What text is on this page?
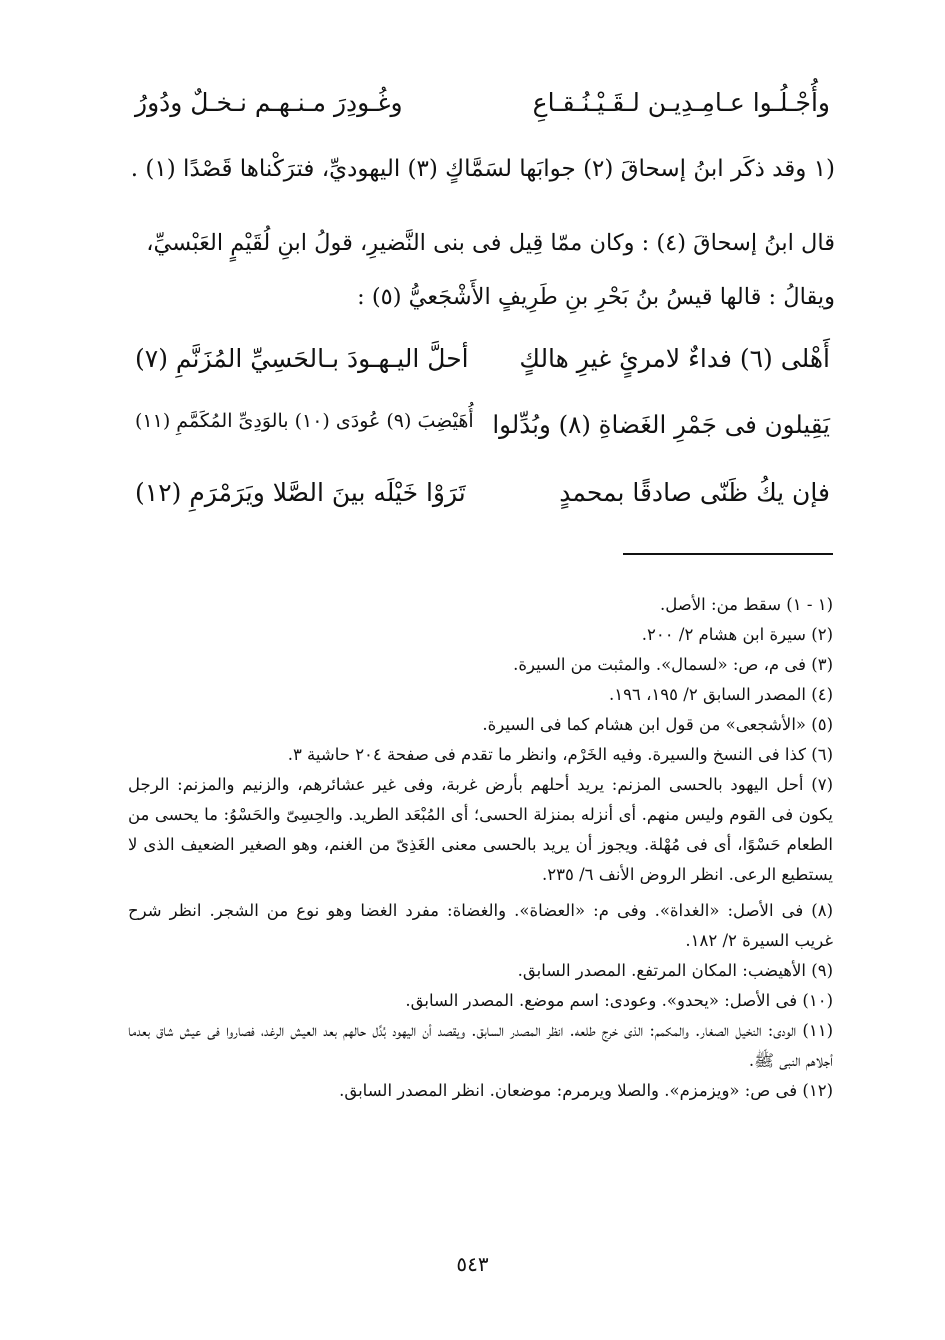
وأُجْـلُـوا عـامِـدِيـن لـقَـيْـنُـقـاعِ
وغُـودِرَ مـنـهـم نـخـلٌ ودُورُ
(١ وقد ذكَر ابنُ إسحاقَ (٢) جوابَها لسَمَّاكٍ (٣) اليهوديِّ، فترَكْناها قَصْدًا (١) .
قال ابنُ إسحاقَ (٤) : وكان ممّا قِيل فى بنى النَّضيرِ، قولُ ابنِ لُقَيْمٍ العَبْسيِّ،
ويقالُ : قالها قيسُ بنُ بَحْرِ بنِ طَرِيفٍ الأَشْجَعيُّ (٥) :
أَهْلى (٦) فداءٌ لامرئٍ غيرِ هالكٍ
أحلَّ اليـهـودَ بـالحَسِيِّ المُزَنَّمِ (٧)
يَقِيلون فى جَمْرِ الغَضاةِ (٨) وبُدِّلوا
أُهَيْضِبَ (٩) عُودَى (١٠) بالوَدِىِّ المُكَمَّمِ (١١)
فإن يكُ ظَنّى صادقًا بمحمدٍ
تَرَوْا خَيْلَه بينَ الصَّلا ويَرَمْرَمِ (١٢)

(١ - ١) سقط من: الأصل.

(٢) سيرة ابن هشام ٢/ ٢٠٠.

(٣) فى م، ص: «لسمال». والمثبت من السيرة.

(٤) المصدر السابق ٢/ ١٩٥، ١٩٦.

(٥) «الأشجعى» من قول ابن هشام كما فى السيرة.

(٦) كذا فى النسخ والسيرة. وفيه الخَرْم، وانظر ما تقدم فى صفحة ٢٠٤ حاشية ٣.

(٧) أحل اليهود بالحسى المزنم: يريد أحلهم بأرض غربة، وفى غير عشائرهم، والزنيم والمزنم: الرجل يكون فى القوم وليس منهم. أى أنزله بمنزلة الحسى؛ أى المُبْعَد الطريد. والحِسِىّ والحَسْوُ: ما يحسى من الطعام حَسْوًا، أى فى مُهْلة. ويجوز أن يريد بالحسى معنى الغَذِىّ من الغنم، وهو الصغير الضعيف الذى لا يستطيع الرعى. انظر الروض الأنف ٦/ ٢٣٥.

(٨) فى الأصل: «الغداة». وفى م: «العضاة». والغضاة: مفرد الغضا وهو نوع من الشجر. انظر شرح غريب السيرة ٢/ ١٨٢.

(٩) الأهيضب: المكان المرتفع. المصدر السابق.

(١٠) فى الأصل: «يحدو». وعودى: اسم موضع. المصدر السابق.

(١١) الودى: النخيل الصغار. والمكمم: الذى خرج طلعه. انظر المصدر السابق. ويقصد أن اليهود بُدِّل حالهم بعد العيش الرغد، فصاروا فى عيش شاق بعدما أجلاهم النبى ﷺ.

(١٢) فى ص: «ويزمزم». والصلا ويرمرم: موضعان. انظر المصدر السابق.

٥٤٣
